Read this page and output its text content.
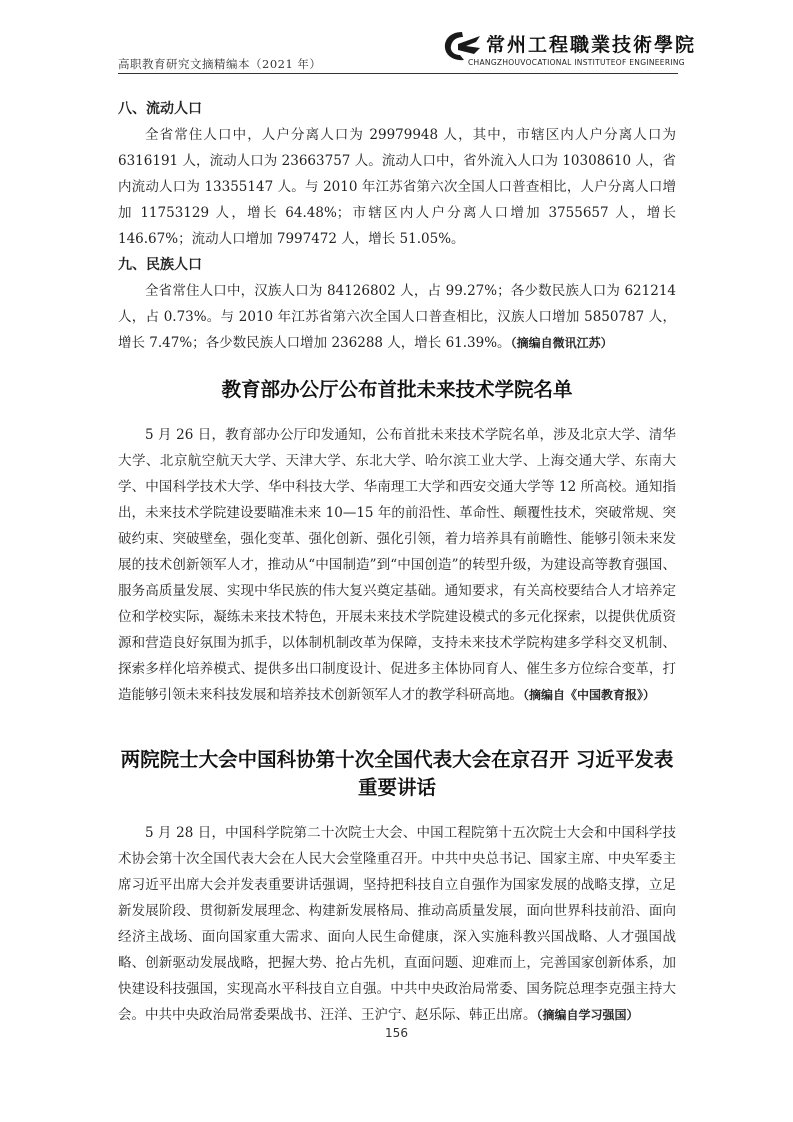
高职教育研究文摘精编本（2021 年）
常州工程職業技術學院
CHANGZHOUVOCATIONAL INSTITUTEOF ENGINEERING
八、流动人口

全省常住人口中，人户分离人口为 29979948 人，其中，市辖区内人户分离人口为 6316191 人，流动人口为 23663757 人。流动人口中，省外流入人口为 10308610 人，省内流动人口为 13355147 人。与 2010 年江苏省第六次全国人口普查相比，人户分离人口增加 11753129 人，增长 64.48%；市辖区内人户分离人口增加 3755657 人，增长 146.67%；流动人口增加 7997472 人，增长 51.05%。

九、民族人口

全省常住人口中，汉族人口为 84126802 人，占 99.27%；各少数民族人口为 621214 人，占 0.73%。与 2010 年江苏省第六次全国人口普查相比，汉族人口增加 5850787 人，增长 7.47%；各少数民族人口增加 236288 人，增长 61.39%。（摘编自微讯江苏）

教育部办公厅公布首批未来技术学院名单

5 月 26 日，教育部办公厅印发通知，公布首批未来技术学院名单，涉及北京大学、清华大学、北京航空航天大学、天津大学、东北大学、哈尔滨工业大学、上海交通大学、东南大学、中国科学技术大学、华中科技大学、华南理工大学和西安交通大学等 12 所高校。通知指出，未来技术学院建设要瞄准未来 10—15 年的前沿性、革命性、颠覆性技术，突破常规、突破约束、突破壁垒，强化变革、强化创新、强化引领，着力培养具有前瞻性、能够引领未来发展的技术创新领军人才，推动从“中国制造”到“中国创造”的转型升级，为建设高等教育强国、服务高质量发展、实现中华民族的伟大复兴奠定基础。通知要求，有关高校要结合人才培养定位和学校实际，凝练未来技术特色，开展未来技术学院建设模式的多元化探索，以提供优质资源和营造良好氛围为抓手，以体制机制改革为保障，支持未来技术学院构建多学科交叉机制、探索多样化培养模式、提供多出口制度设计、促进多主体协同育人、催生多方位综合变革，打造能够引领未来科技发展和培养技术创新领军人才的教学科研高地。（摘编自《中国教育报》）

两院院士大会中国科协第十次全国代表大会在京召开 习近平发表重要讲话

5 月 28 日，中国科学院第二十次院士大会、中国工程院第十五次院士大会和中国科学技术协会第十次全国代表大会在人民大会堂隆重召开。中共中央总书记、国家主席、中央军委主席习近平出席大会并发表重要讲话强调，坚持把科技自立自强作为国家发展的战略支撑，立足新发展阶段、贯彻新发展理念、构建新发展格局、推动高质量发展，面向世界科技前沿、面向经济主战场、面向国家重大需求、面向人民生命健康，深入实施科教兴国战略、人才强国战略、创新驱动发展战略，把握大势、抢占先机，直面问题、迎难而上，完善国家创新体系，加快建设科技强国，实现高水平科技自立自强。中共中央政治局常委、国务院总理李克强主持大会。中共中央政治局常委栗战书、汪洋、王沪宁、赵乐际、韩正出席。（摘编自学习强国）

156
